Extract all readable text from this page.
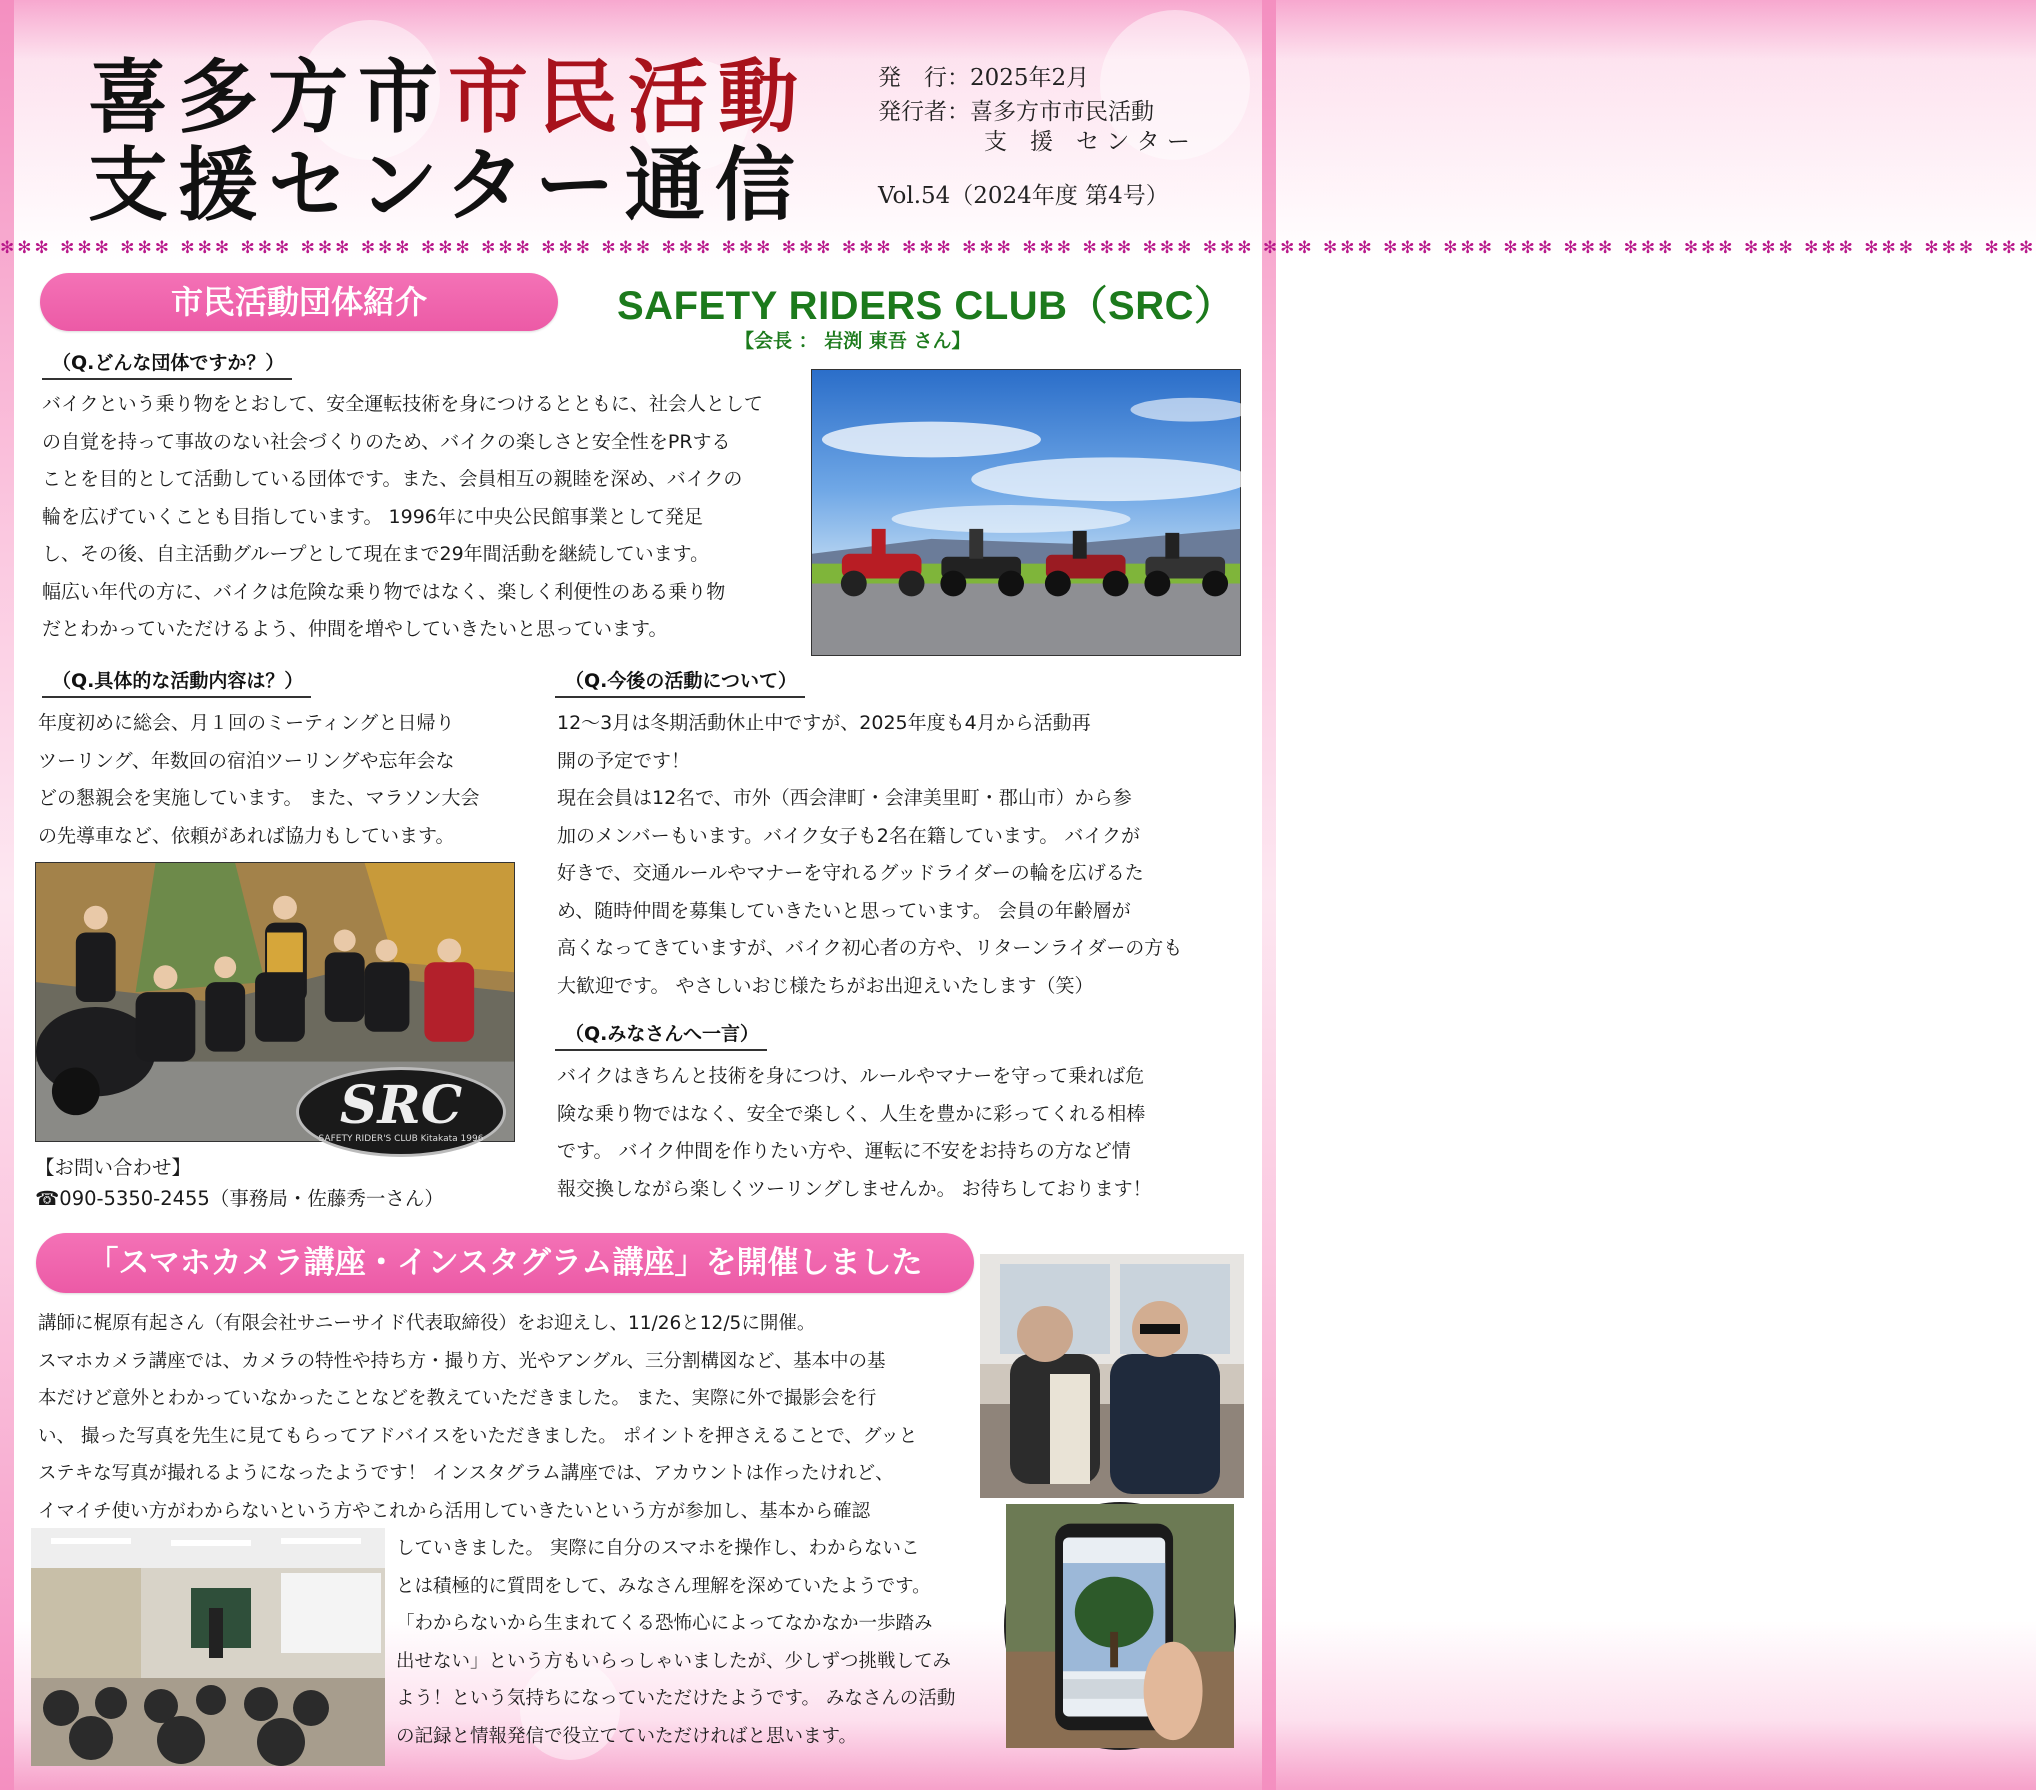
喜多方市市民活動
支援センター通信
発　行：2025年2月
発行者：喜多方市市民活動
支　援　セ ン タ ー
Vol.54（2024年度 第4号）
✻✻✻ ✻✻✻ ✻✻✻ ✻✻✻ ✻✻✻ ✻✻✻ ✻✻✻ ✻✻✻ ✻✻✻ ✻✻✻ ✻✻✻ ✻✻✻ ✻✻✻ ✻✻✻ ✻✻✻ ✻✻✻ ✻✻✻ ✻✻✻ ✻✻✻ ✻✻✻ ✻✻✻ ✻✻✻ ✻✻✻ ✻✻✻ ✻✻✻ ✻✻✻ ✻✻✻ ✻✻✻ ✻✻✻ ✻✻✻ ✻✻✻ ✻✻✻ ✻✻✻ ✻✻✻
市民活動団体紹介	SAFETY RIDERS CLUB（SRC）
【会長 ： 岩渕 東吾 さん】
（Q.どんな団体ですか？）

バイクという乗り物をとおして、安全運転技術を身につけるとともに、社会人として

の自覚を持って事故のない社会づくりのため、バイクの楽しさと安全性をPRする

ことを目的として活動している団体です。また、会員相互の親睦を深め、バイクの

輪を広げていくことも目指しています。 1996年に中央公民館事業として発足

し、その後、自主活動グループとして現在まで29年間活動を継続しています。

幅広い年代の方に、バイクは危険な乗り物ではなく、楽しく利便性のある乗り物

だとわかっていただけるよう、仲間を増やしていきたいと思っています。

（Q.具体的な活動内容は？）

年度初めに総会、月１回のミーティングと日帰り

ツーリング、年数回の宿泊ツーリングや忘年会な

どの懇親会を実施しています。 また、マラソン大会

の先導車など、依頼があれば協力もしています。

SRC
SAFETY RIDER'S CLUB Kitakata 1996
【お問い合わせ】
☎090-5350-2455（事務局・佐藤秀一さん）
（Q.今後の活動について）

12～3月は冬期活動休止中ですが、2025年度も4月から活動再

開の予定です！

現在会員は12名で、市外（西会津町・会津美里町・郡山市）から参

加のメンバーもいます。バイク女子も2名在籍しています。 バイクが

好きで、交通ルールやマナーを守れるグッドライダーの輪を広げるた

め、随時仲間を募集していきたいと思っています。 会員の年齢層が

高くなってきていますが、バイク初心者の方や、リターンライダーの方も

大歓迎です。 やさしいおじ様たちがお出迎えいたします（笑）

（Q.みなさんへ一言）

バイクはきちんと技術を身につけ、ルールやマナーを守って乗れば危

険な乗り物ではなく、安全で楽しく、人生を豊かに彩ってくれる相棒

です。 バイク仲間を作りたい方や、運転に不安をお持ちの方など情

報交換しながら楽しくツーリングしませんか。 お待ちしております！

「スマホカメラ講座・インスタグラム講座」を開催しました

講師に梶原有起さん（有限会社サニーサイド代表取締役）をお迎えし、11/26と12/5に開催。

スマホカメラ講座では、カメラの特性や持ち方・撮り方、光やアングル、三分割構図など、基本中の基

本だけど意外とわかっていなかったことなどを教えていただきました。 また、実際に外で撮影会を行

い、 撮った写真を先生に見てもらってアドバイスをいただきました。 ポイントを押さえることで、グッと

ステキな写真が撮れるようになったようです！ インスタグラム講座では、アカウントは作ったけれど、

イマイチ使い方がわからないという方やこれから活用していきたいという方が参加し、基本から確認

していきました。 実際に自分のスマホを操作し、わからないこ

とは積極的に質問をして、みなさん理解を深めていたようです。

「わからないから生まれてくる恐怖心によってなかなか一歩踏み

出せない」という方もいらっしゃいましたが、少しずつ挑戦してみ

よう！という気持ちになっていただけたようです。 みなさんの活動

の記録と情報発信で役立てていただければと思います。
